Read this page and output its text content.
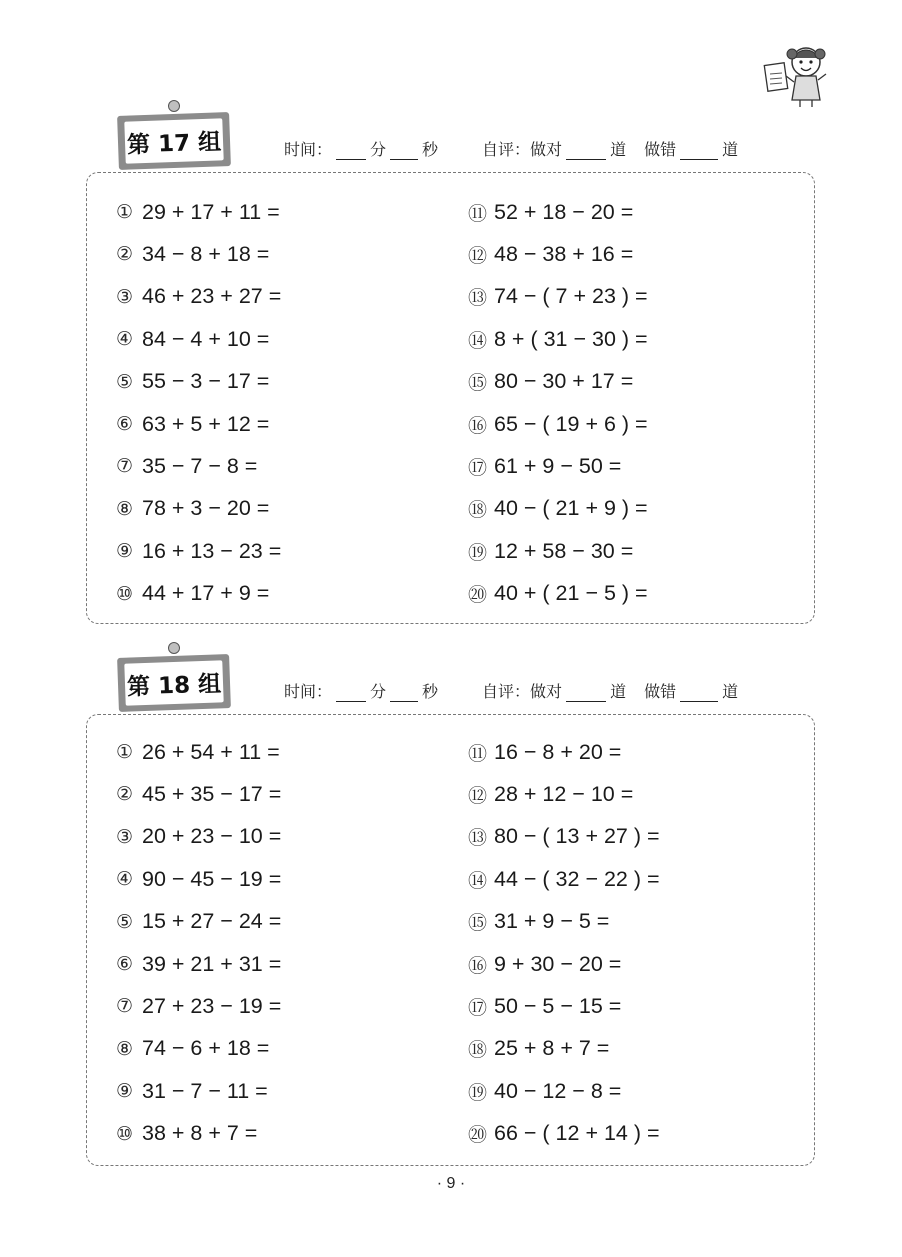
第 17 组	时间： 分 秒	自评：做对	道 做错	道
① 29 + 17 + 11 =
② 34 − 8 + 18 =
③ 46 + 23 + 27 =
④ 84 − 4 + 10 =
⑤ 55 − 3 − 17 =
⑥ 63 + 5 + 12 =
⑦ 35 − 7 − 8 =
⑧ 78 + 3 − 20 =
⑨ 16 + 13 − 23 =
⑩ 44 + 17 + 9 =
⑪ 52 + 18 − 20 =
⑫ 48 − 38 + 16 =
⑬ 74 − ( 7 + 23 ) =
⑭ 8 + ( 31 − 30 ) =
⑮ 80 − 30 + 17 =
⑯ 65 − ( 19 + 6 ) =
⑰ 61 + 9 − 50 =
⑱ 40 − ( 21 + 9 ) =
⑲ 12 + 58 − 30 =
⑳ 40 + ( 21 − 5 ) =
第 18 组	时间： 分 秒	自评：做对	道 做错	道
① 26 + 54 + 11 =
② 45 + 35 − 17 =
③ 20 + 23 − 10 =
④ 90 − 45 − 19 =
⑤ 15 + 27 − 24 =
⑥ 39 + 21 + 31 =
⑦ 27 + 23 − 19 =
⑧ 74 − 6 + 18 =
⑨ 31 − 7 − 11 =
⑩ 38 + 8 + 7 =
⑪ 16 − 8 + 20 =
⑫ 28 + 12 − 10 =
⑬ 80 − ( 13 + 27 ) =
⑭ 44 − ( 32 − 22 ) =
⑮ 31 + 9 − 5 =
⑯ 9 + 30 − 20 =
⑰ 50 − 5 − 15 =
⑱ 25 + 8 + 7 =
⑲ 40 − 12 − 8 =
⑳ 66 − ( 12 + 14 ) =
· 9 ·
